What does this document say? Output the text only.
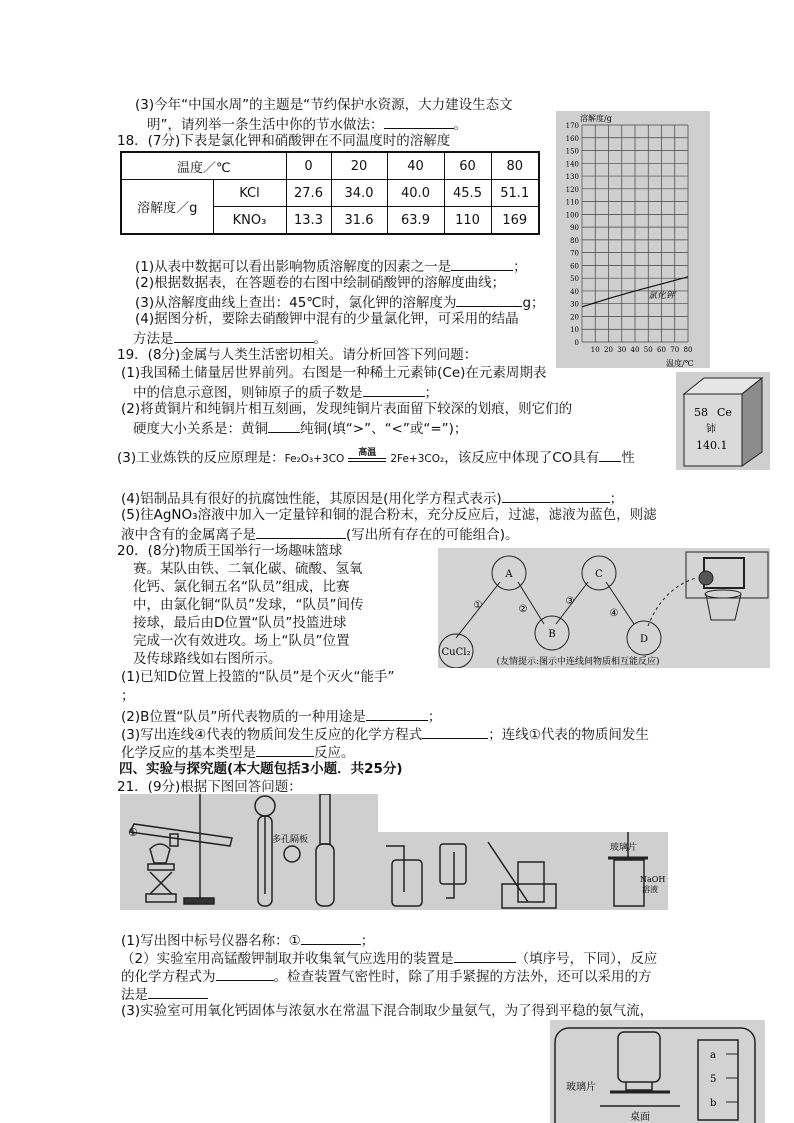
(3)今年“中国水周”的主题是“节约保护水资源，大力建设生态文
明”，请列举一条生活中你的节水做法：	。
18．(7分)下表是氯化钾和硝酸钾在不同温度时的溶解度
温度／℃		0	20	40	60	80
溶解度／g	KCl	27.6	34.0	40.0	45.5	51.1
	KNO₃	13.3	31.6	63.9	110	169
(1)从表中数据可以看出影响物质溶解度的因素之一是	；
(2)根据数据表，在答题卷的右图中绘制硝酸钾的溶解度曲线；
(3)从溶解度曲线上查出：45℃时，氯化钾的溶解度为	g；
(4)据图分析，要除去硝酸钾中混有的少量氯化钾，可采用的结晶
方法是	。
溶解度/g
温度/℃
氯化钾
0
10
20
30
40
50
60
70
80
90
100
110
120
130
140
150
160
170
10 20 30 40 50 60 70 80
19．(8分)金属与人类生活密切相关。请分析回答下列问题：
(1)我国稀土储量居世界前列。右图是一种稀土元素铈(Ce)在元素周期表
中的信息示意图，则铈原子的质子数是	；
(2)将黄铜片和纯铜片相互刻画，发现纯铜片表面留下较深的划痕，则它们的
硬度大小关系是：黄铜 纯铜(填“>”、“<”或“=”)；
(3)工业炼铁的反应原理是：Fe₂O₃+3CO	高温	2Fe+3CO₂，该反应中体现了CO具有 性
(4)铝制品具有很好的抗腐蚀性能，其原因是(用化学方程式表示)	；
(5)往AgNO₃溶液中加入一定量锌和铜的混合粉末，充分反应后，过滤，滤液为蓝色，则滤
液中含有的金属离子是	(写出所有存在的可能组合)。
58 Ce
铈
140.1
20．(8分)物质王国举行一场趣味篮球
赛。某队由铁、二氧化碳、硫酸、氢氧
化钙、氯化铜五名“队员”组成，比赛
中，由氯化铜“队员”发球，“队员”间传
接球，最后由D位置“队员”投篮进球
完成一次有效进攻。场上“队员”位置
及传球路线如右图所示。
(1)已知D位置上投篮的“队员”是个灭火“能手”
；
(2)B位置“队员”所代表物质的一种用途是	；
(3)写出连线④代表的物质间发生反应的化学方程式	；连线①代表的物质间发生
化学反应的基本类型是	反应。
CuCl₂
A
B
C
D
①	②
③
④
(友情提示:图示中连线间物质相互能反应)
四、实验与探究题(本大题包括3小题．共25分)
21．(9分)根据下图回答问题：
①
多孔隔板
玻璃片
NaOH
溶液
(1)写出图中标号仪器名称：①	；
（2）实验室用高锰酸钾制取并收集氧气应选用的装置是	（填序号，下同），反应
的化学方程式为	。检查装置气密性时，除了用手紧握的方法外，还可以采用的方
法是
(3)实验室可用氧化钙固体与浓氨水在常温下混合制取少量氨气，为了得到平稳的氨气流，
玻璃片
桌面
a
5
b
